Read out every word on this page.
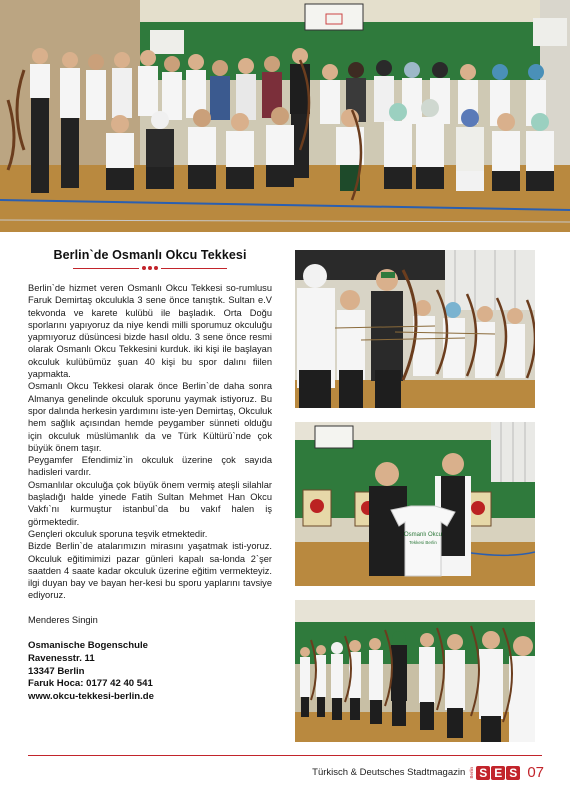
Berlin`de Osmanlı Okcu Tekkesi

Berlin`de hizmet veren Osmanlı Okcu Tekkesi so-rumlusu Faruk Demirtaş okculukla 3 sene önce tanıştık. Sultan e.V tekvonda ve karete kulübü ile başladık. Orta Doğu sporlarını yapıyoruz da niye kendi milli sporumuz okculuğu yapmıyoruz düsüncesi bizde hasıl oldu. 3 sene önce resmi olarak Osmanlı Okcu Tekkesini kurduk. iki kişi ile başlayan okculuk kulübümüz şuan 40 kişi bu spor dalını fiilen yapmakta.

Osmanlı Okcu Tekkesi olarak önce Berlin`de daha sonra Almanya genelinde okculuk sporunu yaymak istiyoruz. Bu spor dalında herkesin yardımını iste-yen Demirtaş, Okculuk hem sağlık açısından hemde peygamber sünneti olduğu için okculuk müslümanlık da ve Türk Kültürü`nde çok büyük önem taşır.

Peygamfer Efendimiz`in okculuk üzerine çok sayıda hadisleri vardır.

Osmanlılar okculuğa çok büyük önem vermiş ateşli silahlar başladığı halde yinede Fatih Sultan Mehmet Han Okcu Vakfı`nı kurmuştur istanbul`da bu vakıf halen iş görmektedir.

Gençleri okculuk sporuna teşvik etmektedir.

Bizde Berlin`de atalarımızın mirasını yaşatmak isti-yoruz. Okculuk eğitimimizi pazar günleri kapalı sa-londa 2`şer saatden 4 saate kadar okculuk üzerine eğitim vermekteyiz. ilgi duyan bay ve bayan her-kesi bu sporu yaplarını tavsiye ediyoruz.

Menderes Singin

Osmanische Bogenschule
Ravenesstr. 11
13347 Berlin
Faruk Hoca: 0177 42 40 541
www.okcu-tekkesi-berlin.de
Osmanlı Okcu
Tekkesi Berlin
Türkisch & Deutsches Stadtmagazin Berlin S E S 07
